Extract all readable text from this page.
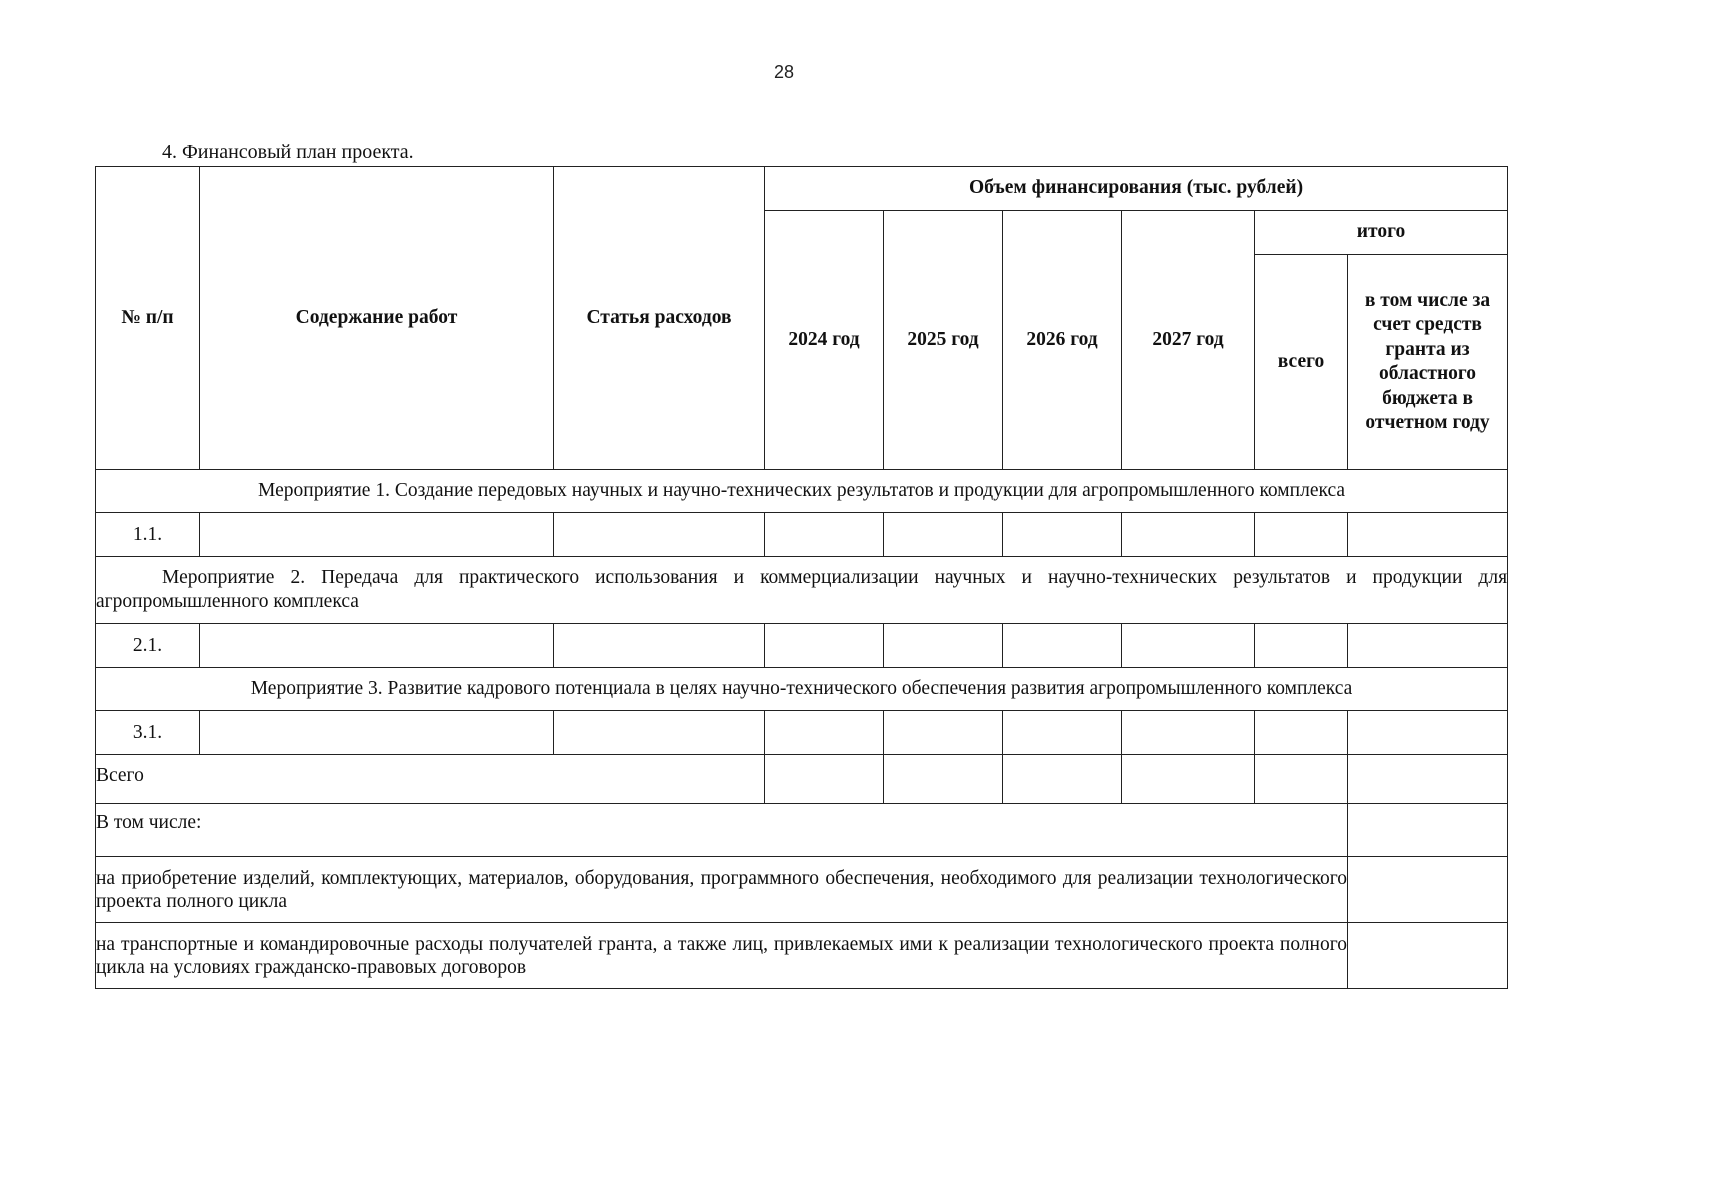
28
4. Финансовый план проекта.
№ п/п	Содержание работ	Статья расходов	Объем финансирования (тыс. рублей)					
			2024 год	2025 год	2026 год	2027 год	итого	
							всего	в том числе за счет средств гранта из областного бюджета в отчетном году
Мероприятие 1. Создание передовых научных и научно-технических результатов и продукции для агропромышленного комплекса								
1.1.								
Мероприятие 2. Передача для практического использования и коммерциализации научных и научно-технических результатов и продукции для агропромышленного комплекса								
2.1.								
Мероприятие 3. Развитие кадрового потенциала в целях научно-технического обеспечения развития агропромышленного комплекса								
3.1.								
Всего								
В том числе:								
на приобретение изделий, комплектующих, материалов, оборудования, программного обеспечения, необходимого для реализации технологического проекта полного цикла								
на транспортные и командировочные расходы получателей гранта, а также лиц, привлекаемых ими к реализации технологического проекта полного цикла на условиях гражданско-правовых договоров								
